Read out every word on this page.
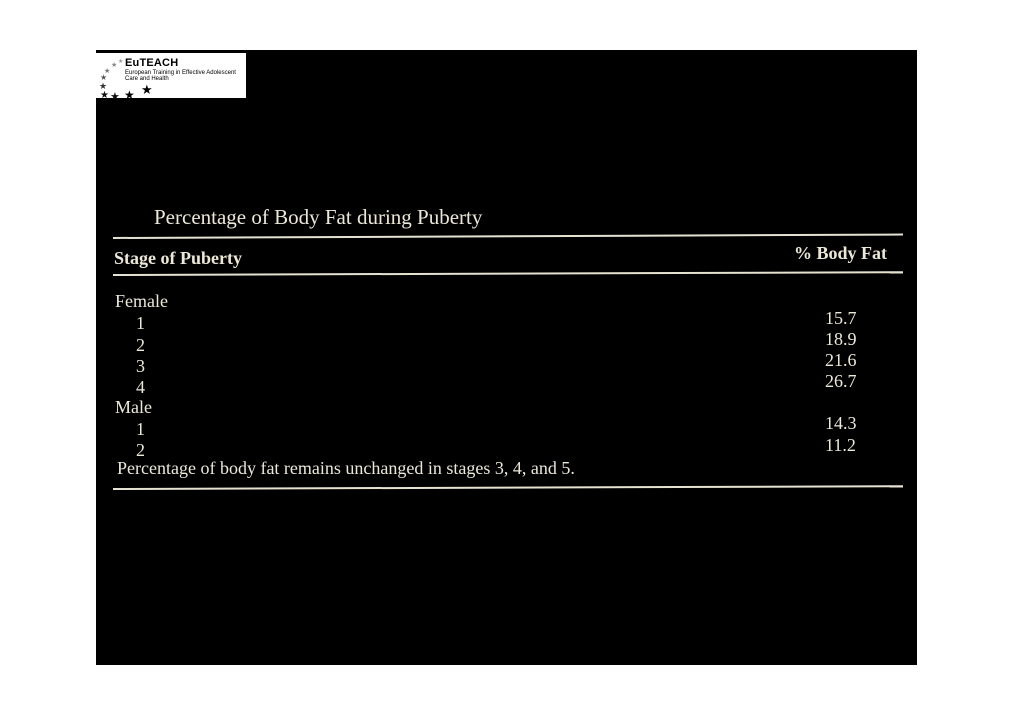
★
★
★
★
★
★ ★ ★ ★
EuTEACH
European Training in Effective Adolescent
Care and Health
Percentage of Body Fat during Puberty
Stage of Puberty	% Body Fat
Female
1	15.7
2	18.9
3	21.6
4	26.7
Male
1	14.3
2	11.2
Percentage of body fat remains unchanged in stages 3, 4, and 5.
